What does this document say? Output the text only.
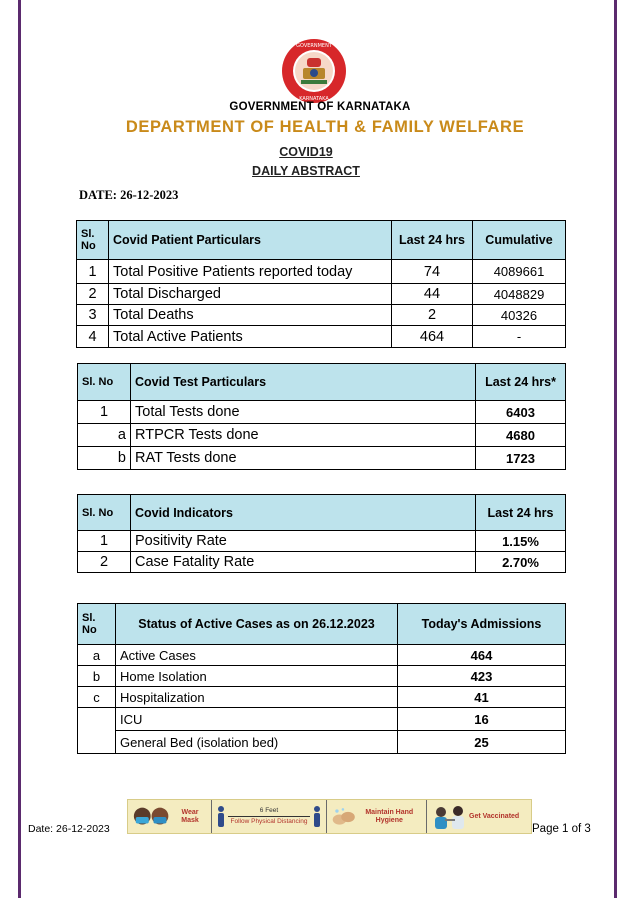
GOVERNMENT
KARNATAKA
GOVERNMENT OF KARNATAKA
DEPARTMENT OF HEALTH & FAMILY WELFARE
COVID19
DAILY ABSTRACT
DATE: 26-12-2023
Sl. No	Covid Patient Particulars	Last 24 hrs	Cumulative
1	Total Positive Patients reported today	74	4089661
2	Total Discharged	44	4048829
3	Total Deaths	2	40326
4	Total Active Patients	464	-
Sl. No	Covid Test Particulars	Last 24 hrs*
1	Total Tests done	6403
a	RTPCR Tests done	4680
b	RAT Tests done	1723
Sl. No	Covid Indicators	Last 24 hrs
1	Positivity Rate	1.15%
2	Case Fatality Rate	2.70%
Sl. No	Status of Active Cases as on 26.12.2023	Today's Admissions
a	Active Cases	464
b	Home Isolation	423
c	Hospitalization	41
	ICU	16
	General Bed (isolation bed)	25
Wear Mask
6 Feet
Follow Physical Distancing
Maintain Hand Hygiene
Get Vaccinated
Date: 26-12-2023	Page 1 of 3
